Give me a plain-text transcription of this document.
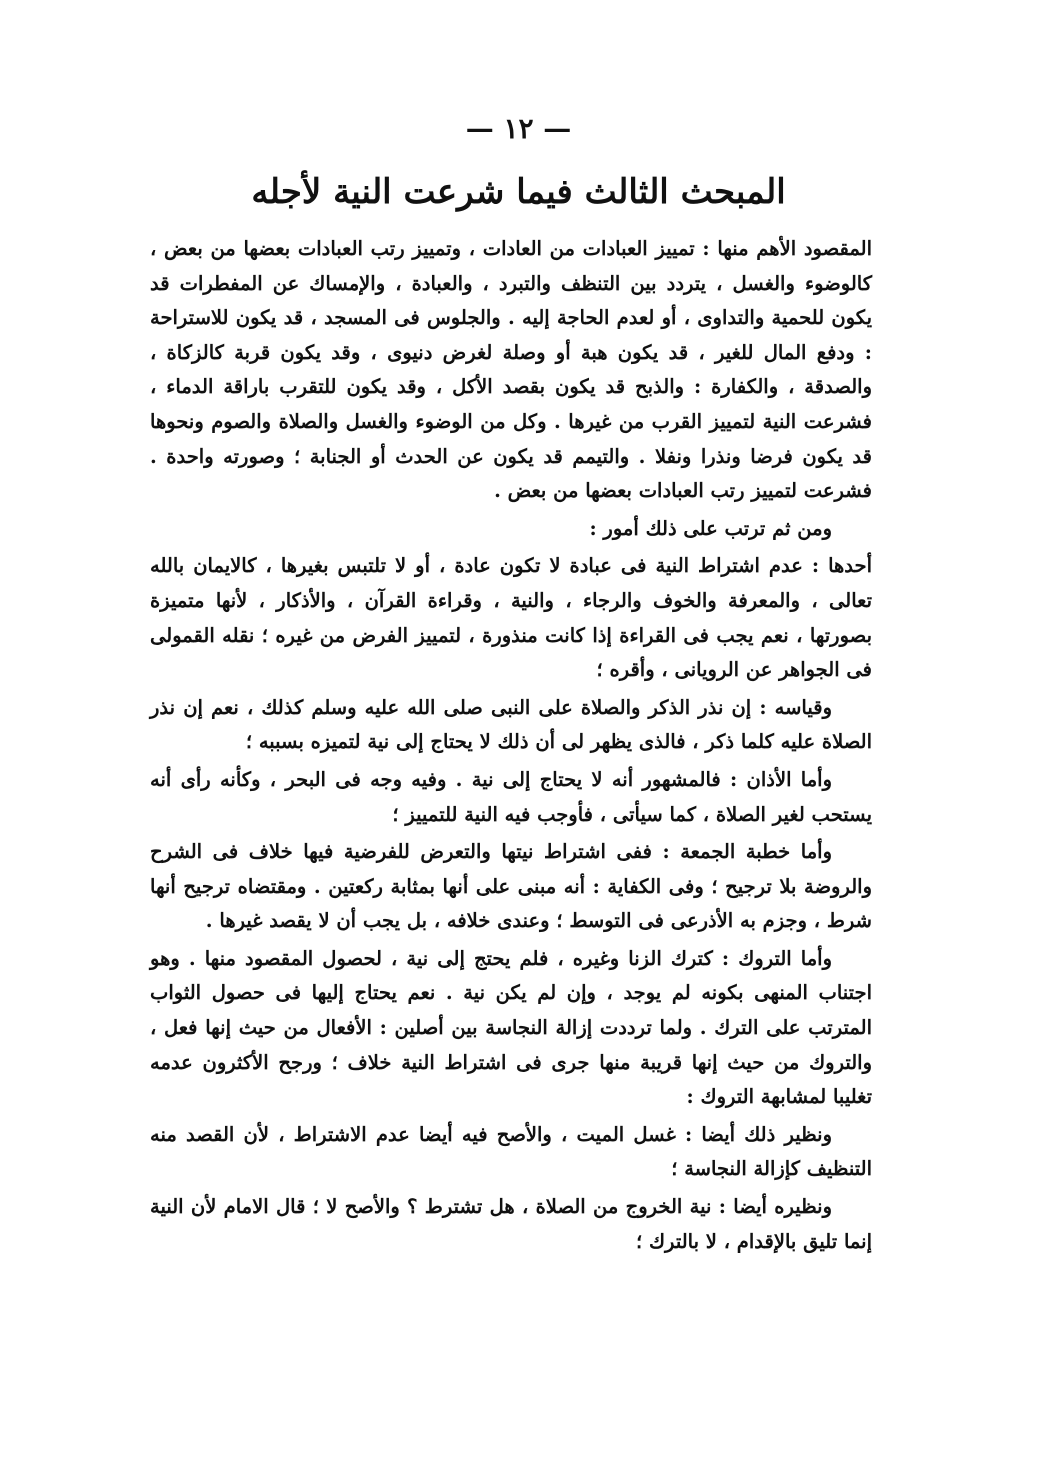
— ١٢ —
المبحث الثالث فيما شرعت النية لأجله

المقصود الأهم منها : تمييز العبادات من العادات ، وتمييز رتب العبادات بعضها من بعض ، كالوضوء والغسل ، يتردد بين التنظف والتبرد ، والعبادة ، والإمساك عن المفطرات قد يكون للحمية والتداوى ، أو لعدم الحاجة إليه . والجلوس فى المسجد ، قد يكون للاستراحة : ودفع المال للغير ، قد يكون هبة أو وصلة لغرض دنيوى ، وقد يكون قربة كالزكاة ، والصدقة ، والكفارة : والذبح قد يكون بقصد الأكل ، وقد يكون للتقرب باراقة الدماء ، فشرعت النية لتمييز القرب من غيرها . وكل من الوضوء والغسل والصلاة والصوم ونحوها قد يكون فرضا ونذرا ونفلا . والتيمم قد يكون عن الحدث أو الجنابة ؛ وصورته واحدة . فشرعت لتمييز رتب العبادات بعضها من بعض .

ومن ثم ترتب على ذلك أمور :

أحدها : عدم اشتراط النية فى عبادة لا تكون عادة ، أو لا تلتبس بغيرها ، كالايمان بالله تعالى ، والمعرفة والخوف والرجاء ، والنية ، وقراءة القرآن ، والأذكار ، لأنها متميزة بصورتها ، نعم يجب فى القراءة إذا كانت منذورة ، لتمييز الفرض من غيره ؛ نقله القمولى فى الجواهر عن الرويانى ، وأقره ؛

وقياسه : إن نذر الذكر والصلاة على النبى صلى الله عليه وسلم كذلك ، نعم إن نذر الصلاة عليه كلما ذكر ، فالذى يظهر لى أن ذلك لا يحتاج إلى نية لتميزه بسببه ؛

وأما الأذان : فالمشهور أنه لا يحتاج إلى نية . وفيه وجه فى البحر ، وكأنه رأى أنه يستحب لغير الصلاة ، كما سيأتى ، فأوجب فيه النية للتمييز ؛

وأما خطبة الجمعة : ففى اشتراط نيتها والتعرض للفرضية فيها خلاف فى الشرح والروضة بلا ترجيح ؛ وفى الكفاية : أنه مبنى على أنها بمثابة ركعتين . ومقتضاه ترجيح أنها شرط ، وجزم به الأذرعى فى التوسط ؛ وعندى خلافه ، بل يجب أن لا يقصد غيرها .

وأما التروك : كترك الزنا وغيره ، فلم يحتج إلى نية ، لحصول المقصود منها . وهو اجتناب المنهى بكونه لم يوجد ، وإن لم يكن نية . نعم يحتاج إليها فى حصول الثواب المترتب على الترك . ولما ترددت إزالة النجاسة بين أصلين : الأفعال من حيث إنها فعل ، والتروك من حيث إنها قريبة منها جرى فى اشتراط النية خلاف ؛ ورجح الأكثرون عدمه تغليبا لمشابهة التروك :

ونظير ذلك أيضا : غسل الميت ، والأصح فيه أيضا عدم الاشتراط ، لأن القصد منه التنظيف كإزالة النجاسة ؛

ونظيره أيضا : نية الخروج من الصلاة ، هل تشترط ؟ والأصح لا ؛ قال الامام لأن النية إنما تليق بالإقدام ، لا بالترك ؛
